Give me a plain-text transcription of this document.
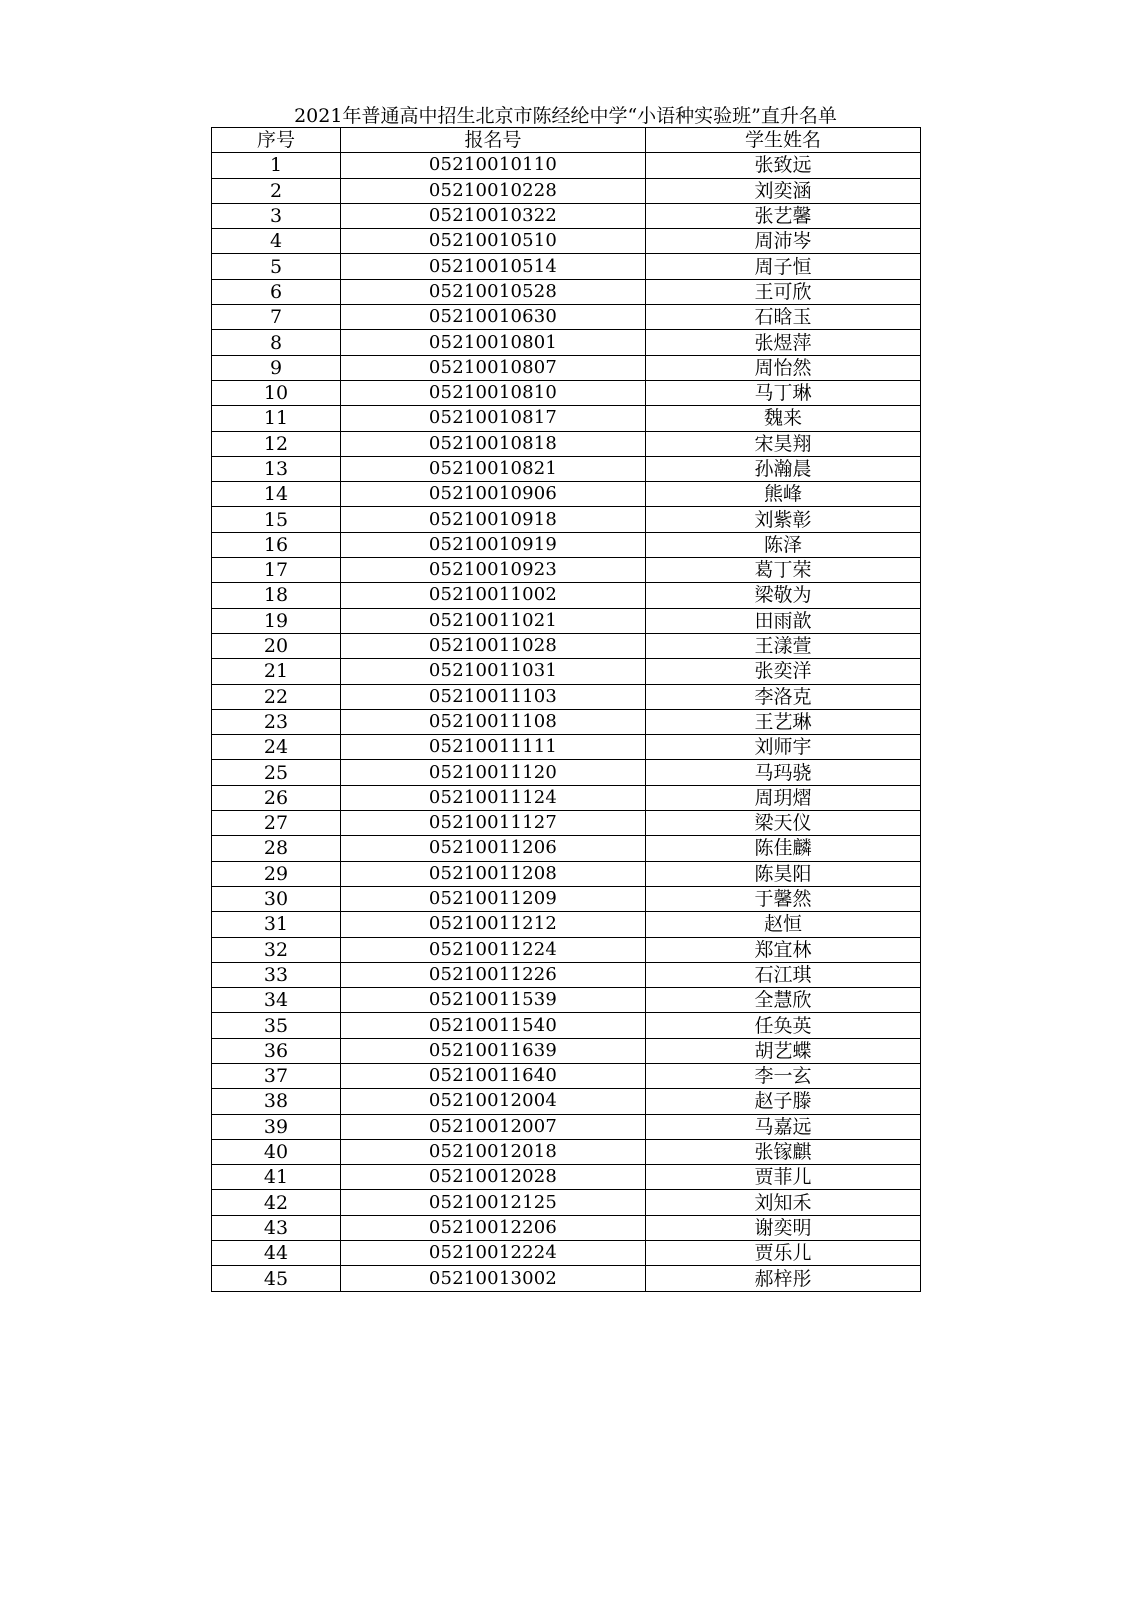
2021年普通高中招生北京市陈经纶中学“小语种实验班”直升名单
序号	报名号	学生姓名
1	05210010110	张致远
2	05210010228	刘奕涵
3	05210010322	张艺馨
4	05210010510	周沛岑
5	05210010514	周子恒
6	05210010528	王可欣
7	05210010630	石晗玉
8	05210010801	张煜萍
9	05210010807	周怡然
10	05210010810	马丁琳
11	05210010817	魏来
12	05210010818	宋昊翔
13	05210010821	孙瀚晨
14	05210010906	熊峰
15	05210010918	刘紫彰
16	05210010919	陈泽
17	05210010923	葛丁荣
18	05210011002	梁敬为
19	05210011021	田雨歆
20	05210011028	王漾萱
21	05210011031	张奕洋
22	05210011103	李洛克
23	05210011108	王艺琳
24	05210011111	刘师宇
25	05210011120	马玛骁
26	05210011124	周玥熠
27	05210011127	梁天仪
28	05210011206	陈佳麟
29	05210011208	陈昊阳
30	05210011209	于馨然
31	05210011212	赵恒
32	05210011224	郑宜林
33	05210011226	石江琪
34	05210011539	全慧欣
35	05210011540	任奂英
36	05210011639	胡艺蝶
37	05210011640	李一玄
38	05210012004	赵子滕
39	05210012007	马嘉远
40	05210012018	张镓麒
41	05210012028	贾菲儿
42	05210012125	刘知禾
43	05210012206	谢奕明
44	05210012224	贾乐儿
45	05210013002	郝梓彤
